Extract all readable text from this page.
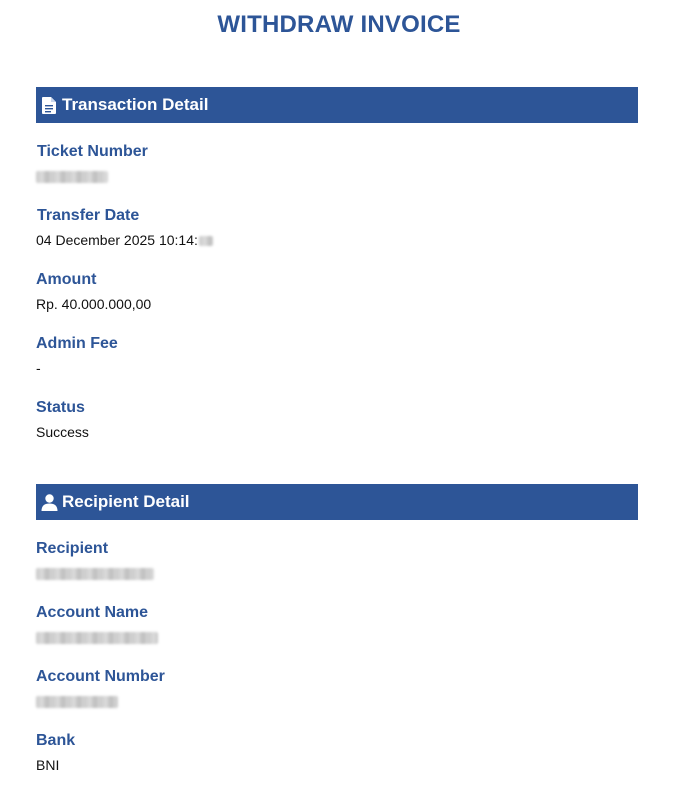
WITHDRAW INVOICE
Transaction Detail
Ticket Number
Transfer Date
04 December 2025 10:14:
Amount
Rp. 40.000.000,00
Admin Fee
-
Status
Success
Recipient Detail
Recipient
Account Name
Account Number
Bank
BNI
